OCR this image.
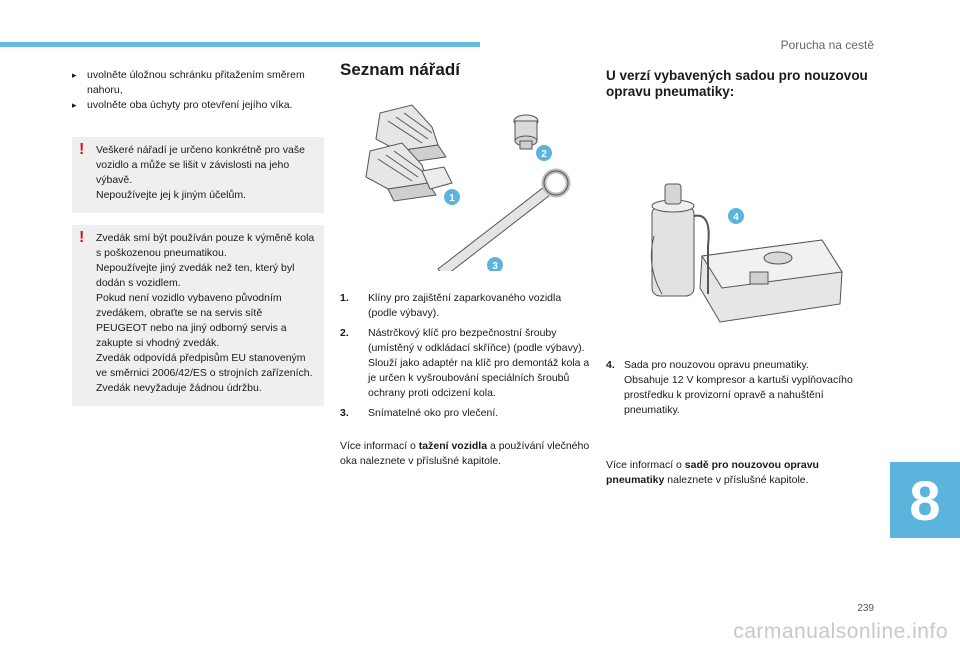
Porucha na cestě

▸ uvolněte úložnou schránku přitažením směrem nahoru,

▸ uvolněte oba úchyty pro otevření jejího víka.

! Veškeré nářadí je určeno konkrétně pro vaše vozidlo a může se lišit v závislosti na jeho výbavě.
Nepoužívejte jej k jiným účelům.

! Zvedák smí být používán pouze k výměně kola s poškozenou pneumatikou.
Nepoužívejte jiný zvedák než ten, který byl dodán s vozidlem.
Pokud není vozidlo vybaveno původním zvedákem, obraťte se na servis sítě PEUGEOT nebo na jiný odborný servis a zakupte si vhodný zvedák.
Zvedák odpovídá předpisům EU stanoveným ve směrnici 2006/42/ES o strojních zařízeních.
Zvedák nevyžaduje žádnou údržbu.

Seznam nářadí
1
2
3
1. Klíny pro zajištění zaparkovaného vozidla (podle výbavy).
2. Nástrčkový klíč pro bezpečnostní šrouby (umístěný v odkládací skříňce) (podle výbavy).
Slouží jako adaptér na klíč pro demontáž kola a je určen k vyšroubování speciálních šroubů ochrany proti odcizení kola.
3. Snímatelné oko pro vlečení.

Více informací o tažení vozidla a používání vlečného oka naleznete v příslušné kapitole.

U verzí vybavených sadou pro nouzovou opravu pneumatiky:
4
4. Sada pro nouzovou opravu pneumatiky.
Obsahuje 12 V kompresor a kartuši vyplňovacího prostředku k provizorní opravě a nahuštění pneumatiky.

Více informací o sadě pro nouzovou opravu pneumatiky naleznete v příslušné kapitole.	8
239
carmanualsonline.info
